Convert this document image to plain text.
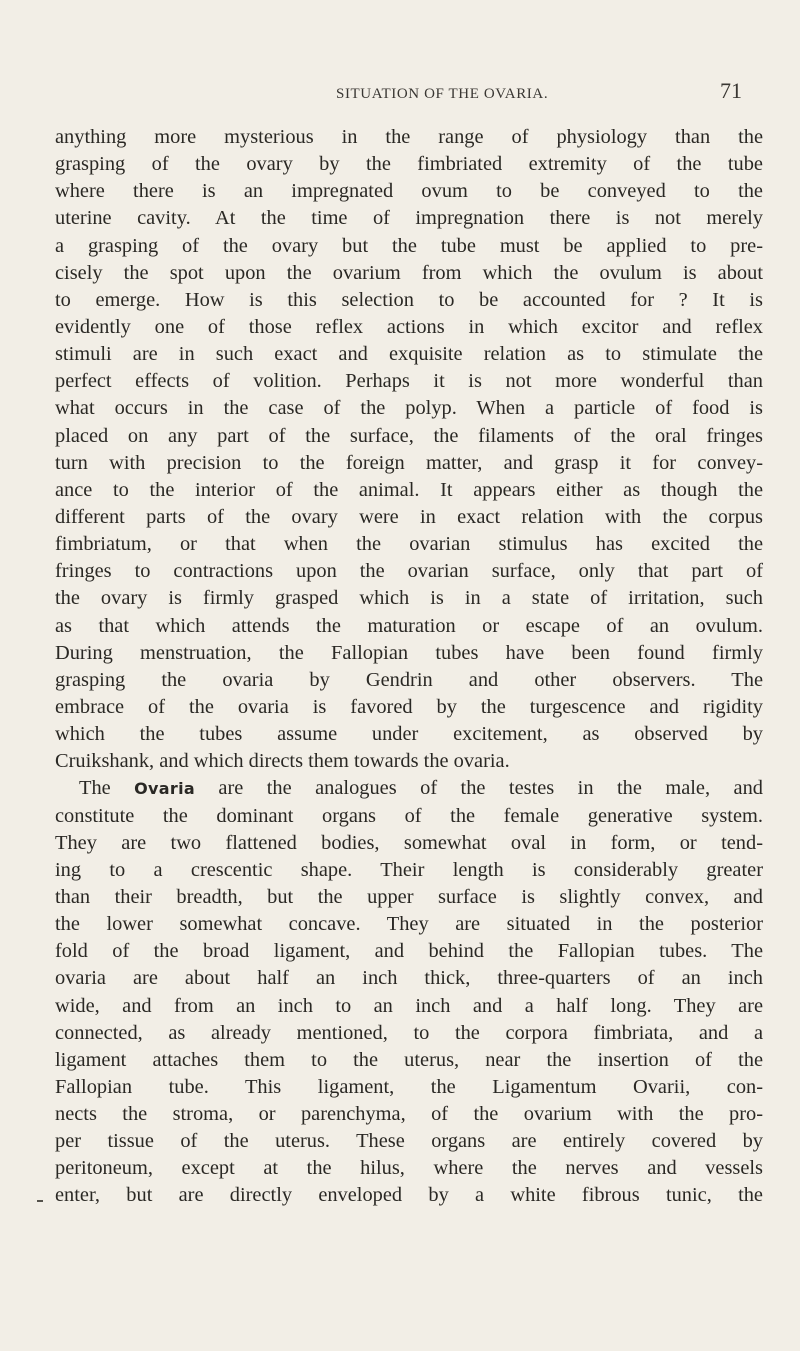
SITUATION OF THE OVARIA.	71
anything more mysterious in the range of physiology than the
grasping of the ovary by the fimbriated extremity of the tube
where there is an impregnated ovum to be conveyed to the
uterine cavity. At the time of impregnation there is not merely
a grasping of the ovary but the tube must be applied to pre-
cisely the spot upon the ovarium from which the ovulum is about
to emerge. How is this selection to be accounted for ? It is
evidently one of those reflex actions in which excitor and reflex
stimuli are in such exact and exquisite relation as to stimulate the
perfect effects of volition. Perhaps it is not more wonderful than
what occurs in the case of the polyp. When a particle of food is
placed on any part of the surface, the filaments of the oral fringes
turn with precision to the foreign matter, and grasp it for convey-
ance to the interior of the animal. It appears either as though the
different parts of the ovary were in exact relation with the corpus
fimbriatum, or that when the ovarian stimulus has excited the
fringes to contractions upon the ovarian surface, only that part of
the ovary is firmly grasped which is in a state of irritation, such
as that which attends the maturation or escape of an ovulum.
During menstruation, the Fallopian tubes have been found firmly
grasping the ovaria by Gendrin and other observers. The
embrace of the ovaria is favored by the turgescence and rigidity
which the tubes assume under excitement, as observed by
Cruikshank, and which directs them towards the ovaria.
The Ovaria are the analogues of the testes in the male, and
constitute the dominant organs of the female generative system.
They are two flattened bodies, somewhat oval in form, or tend-
ing to a crescentic shape. Their length is considerably greater
than their breadth, but the upper surface is slightly convex, and
the lower somewhat concave. They are situated in the posterior
fold of the broad ligament, and behind the Fallopian tubes. The
ovaria are about half an inch thick, three-quarters of an inch
wide, and from an inch to an inch and a half long. They are
connected, as already mentioned, to the corpora fimbriata, and a
ligament attaches them to the uterus, near the insertion of the
Fallopian tube. This ligament, the Ligamentum Ovarii, con-
nects the stroma, or parenchyma, of the ovarium with the pro-
per tissue of the uterus. These organs are entirely covered by
peritoneum, except at the hilus, where the nerves and vessels
enter, but are directly enveloped by a white fibrous tunic, the
